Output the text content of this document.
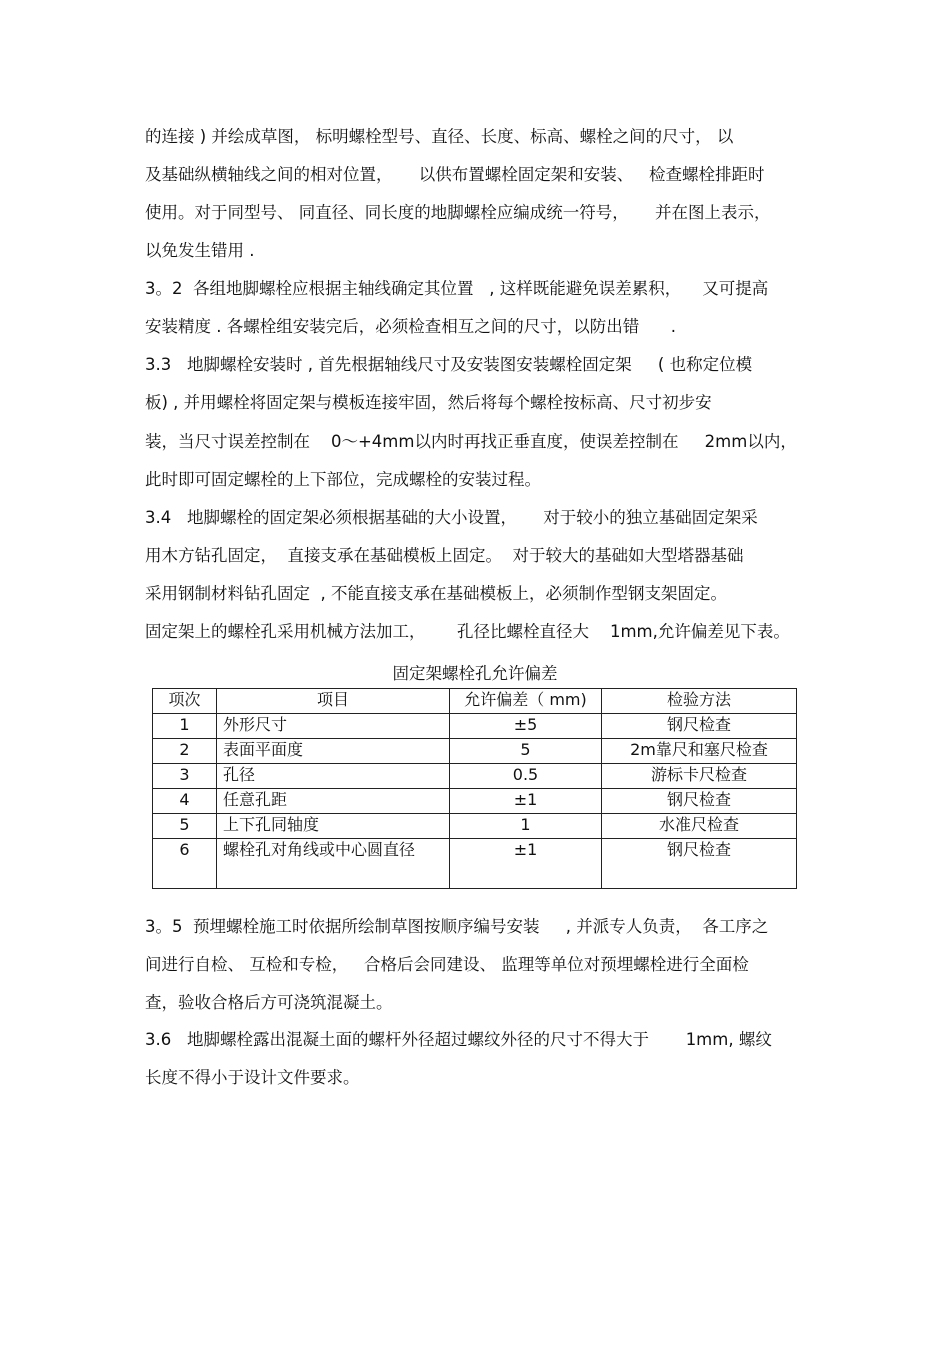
的连接 ) 并绘成草图， 标明螺栓型号、直径、长度、标高、螺栓之间的尺寸， 以
及基础纵横轴线之间的相对位置，     以供布置螺栓固定架和安装、   检查螺栓排距时
使用。对于同型号、 同直径、同长度的地脚螺栓应编成统一符号，     并在图上表示，
以免发生错用 .
3。2  各组地脚螺栓应根据主轴线确定其位置   , 这样既能避免误差累积，    又可提高
安装精度 . 各螺栓组安装完后，必须检查相互之间的尺寸，以防出错      .
3.3   地脚螺栓安装时 , 首先根据轴线尺寸及安装图安装螺栓固定架     ( 也称定位模
板) , 并用螺栓将固定架与模板连接牢固，然后将每个螺栓按标高、尺寸初步安
装，当尺寸误差控制在    0～+4mm以内时再找正垂直度，使误差控制在     2mm以内，
此时即可固定螺栓的上下部位，完成螺栓的安装过程。
3.4   地脚螺栓的固定架必须根据基础的大小设置，     对于较小的独立基础固定架采
用木方钻孔固定，  直接支承在基础模板上固定。  对于较大的基础如大型塔器基础
采用钢制材料钻孔固定  , 不能直接支承在基础模板上，必须制作型钢支架固定。
固定架上的螺栓孔采用机械方法加工，      孔径比螺栓直径大    1mm,允许偏差见下表。
固定架螺栓孔允许偏差
项次	项目	允许偏差（ mm)	检验方法
1	外形尺寸	±5	钢尺检查
2	表面平面度	5	2m靠尺和塞尺检查
3	孔径	0.5	游标卡尺检查
4	任意孔距	±1	钢尺检查
5	上下孔同轴度	1	水准尺检查
6	螺栓孔对角线或中心圆直径	±1	钢尺检查
3。5  预埋螺栓施工时依据所绘制草图按顺序编号安装     , 并派专人负责，  各工序之
间进行自检、 互检和专检，   合格后会同建设、 监理等单位对预埋螺栓进行全面检
查，验收合格后方可浇筑混凝土。
3.6   地脚螺栓露出混凝土面的螺杆外径超过螺纹外径的尺寸不得大于       1mm, 螺纹
长度不得小于设计文件要求。
